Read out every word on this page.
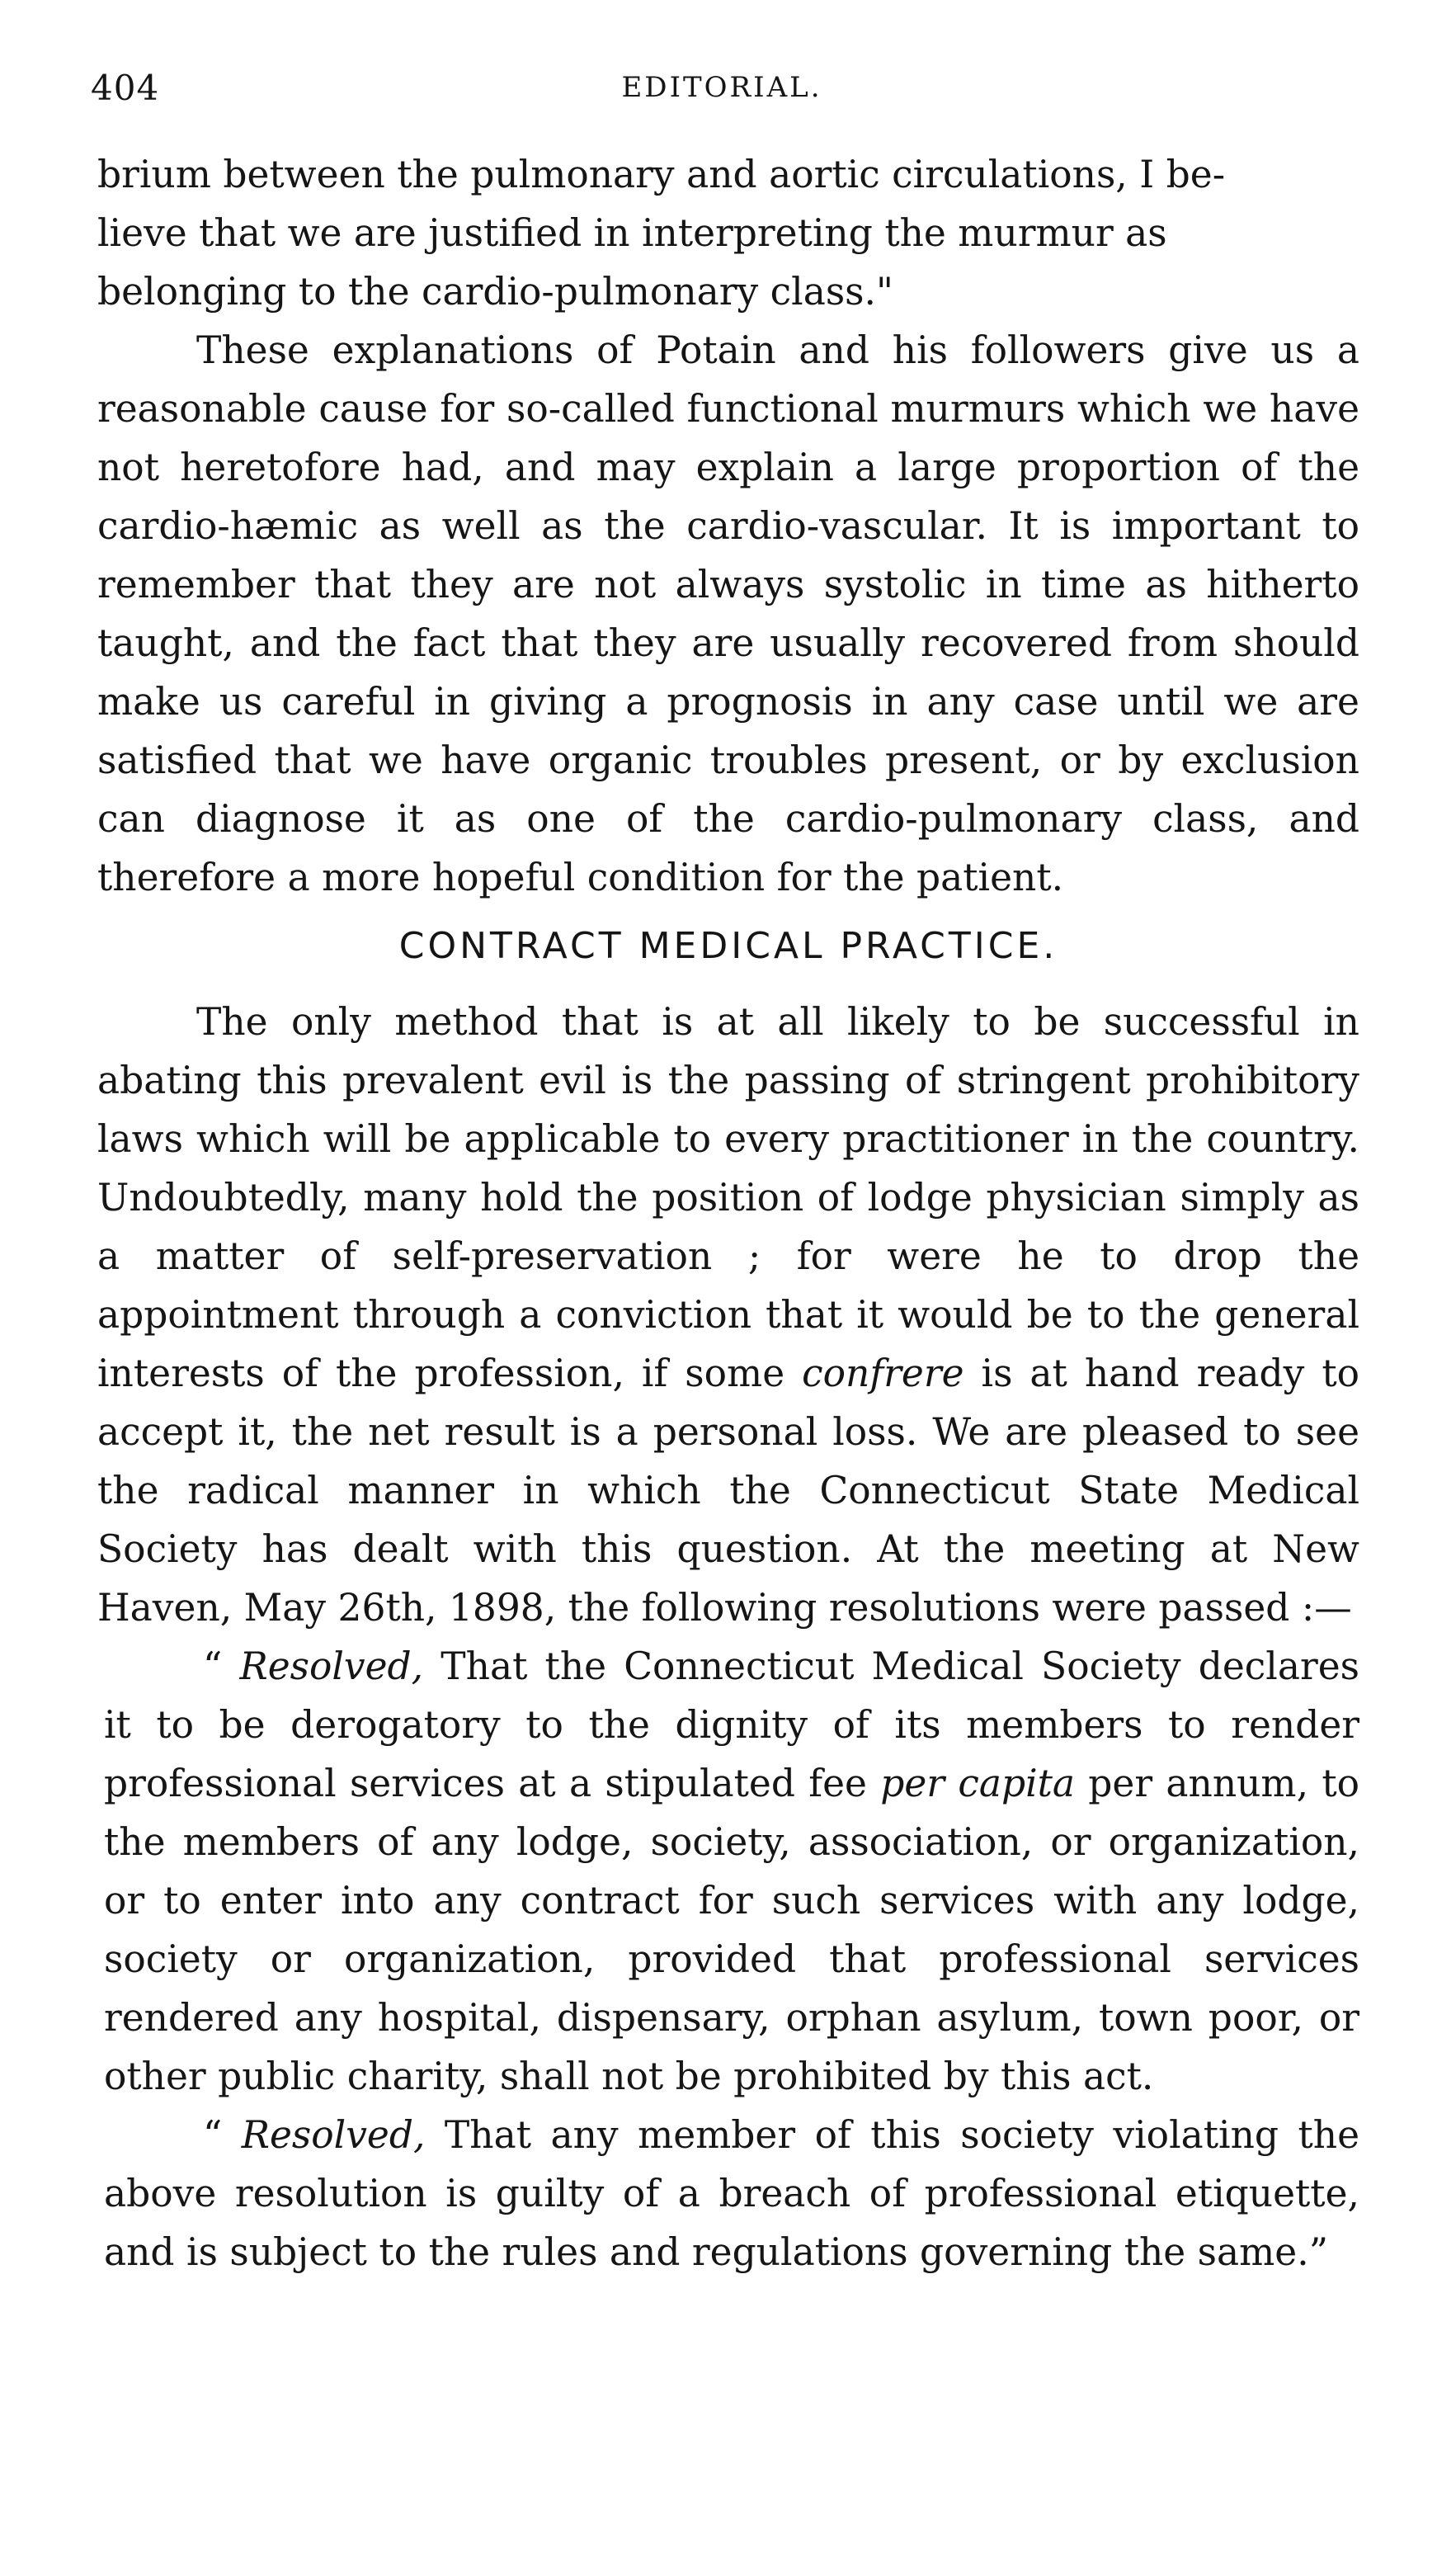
404	EDITORIAL.

brium between the pulmonary and aortic circulations, I be-
lieve that we are justified in interpreting the murmur as
belonging to the cardio-pulmonary class."

These explanations of Potain and his followers give us a reasonable cause for so-called functional murmurs which we have not heretofore had, and may explain a large proportion of the cardio-hæmic as well as the cardio-vascular. It is important to remember that they are not always systolic in time as hitherto taught, and the fact that they are usually recovered from should make us careful in giving a prognosis in any case until we are satisfied that we have organic troubles present, or by exclusion can diagnose it as one of the cardio-pulmonary class, and therefore a more hopeful condition for the patient.

CONTRACT MEDICAL PRACTICE.

The only method that is at all likely to be successful in abating this prevalent evil is the passing of stringent prohibitory laws which will be applicable to every practitioner in the country. Undoubtedly, many hold the position of lodge physician simply as a matter of self-preservation ; for were he to drop the appointment through a conviction that it would be to the general interests of the profession, if some confrere is at hand ready to accept it, the net result is a personal loss. We are pleased to see the radical manner in which the Connecticut State Medical Society has dealt with this question. At the meeting at New Haven, May 26th, 1898, the following resolutions were passed :—

“ Resolved, That the Connecticut Medical Society declares it to be derogatory to the dignity of its members to render professional services at a stipulated fee per capita per annum, to the members of any lodge, society, association, or organization, or to enter into any contract for such services with any lodge, society or organization, provided that professional services rendered any hospital, dispensary, orphan asylum, town poor, or other public charity, shall not be prohibited by this act.

“ Resolved, That any member of this society violating the above resolution is guilty of a breach of professional etiquette, and is subject to the rules and regulations governing the same.”
